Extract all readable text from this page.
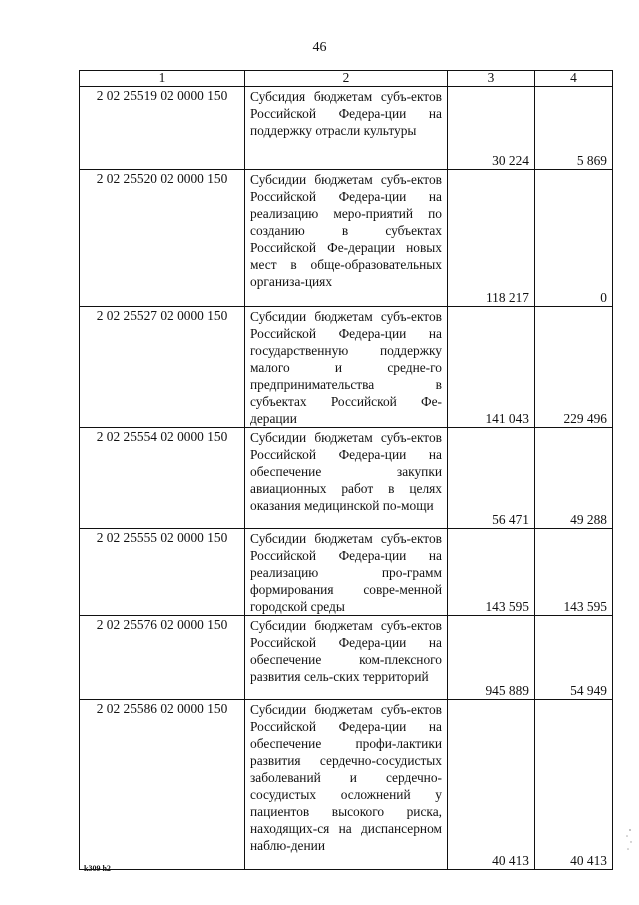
46
1	2	3	4
2 02 25519 02 0000 150	Субсидия бюджетам субъ-ектов Российской Федера-ции на поддержку отрасли культуры	30 224	5 869
2 02 25520 02 0000 150	Субсидии бюджетам субъ-ектов Российской Федера-ции на реализацию меро-приятий по созданию в субъектах Российской Фе-дерации новых мест в обще-образовательных организа-циях	118 217	0
2 02 25527 02 0000 150	Субсидии бюджетам субъ-ектов Российской Федера-ции на государственную поддержку малого и средне-го предпринимательства в субъектах Российской Фе-дерации	141 043	229 496
2 02 25554 02 0000 150	Субсидии бюджетам субъ-ектов Российской Федера-ции на обеспечение закупки авиационных работ в целях оказания медицинской по-мощи	56 471	49 288
2 02 25555 02 0000 150	Субсидии бюджетам субъ-ектов Российской Федера-ции на реализацию про-грамм формирования совре-менной городской среды	143 595	143 595
2 02 25576 02 0000 150	Субсидии бюджетам субъ-ектов Российской Федера-ции на обеспечение ком-плексного развития сель-ских территорий	945 889	54 949
2 02 25586 02 0000 150	Субсидии бюджетам субъ-ектов Российской Федера-ции на обеспечение профи-лактики развития сердечно-сосудистых заболеваний и сердечно-сосудистых осложнений у пациентов высокого риска, находящих-ся на диспансерном наблю-дении	40 413	40 413
k309 h2
